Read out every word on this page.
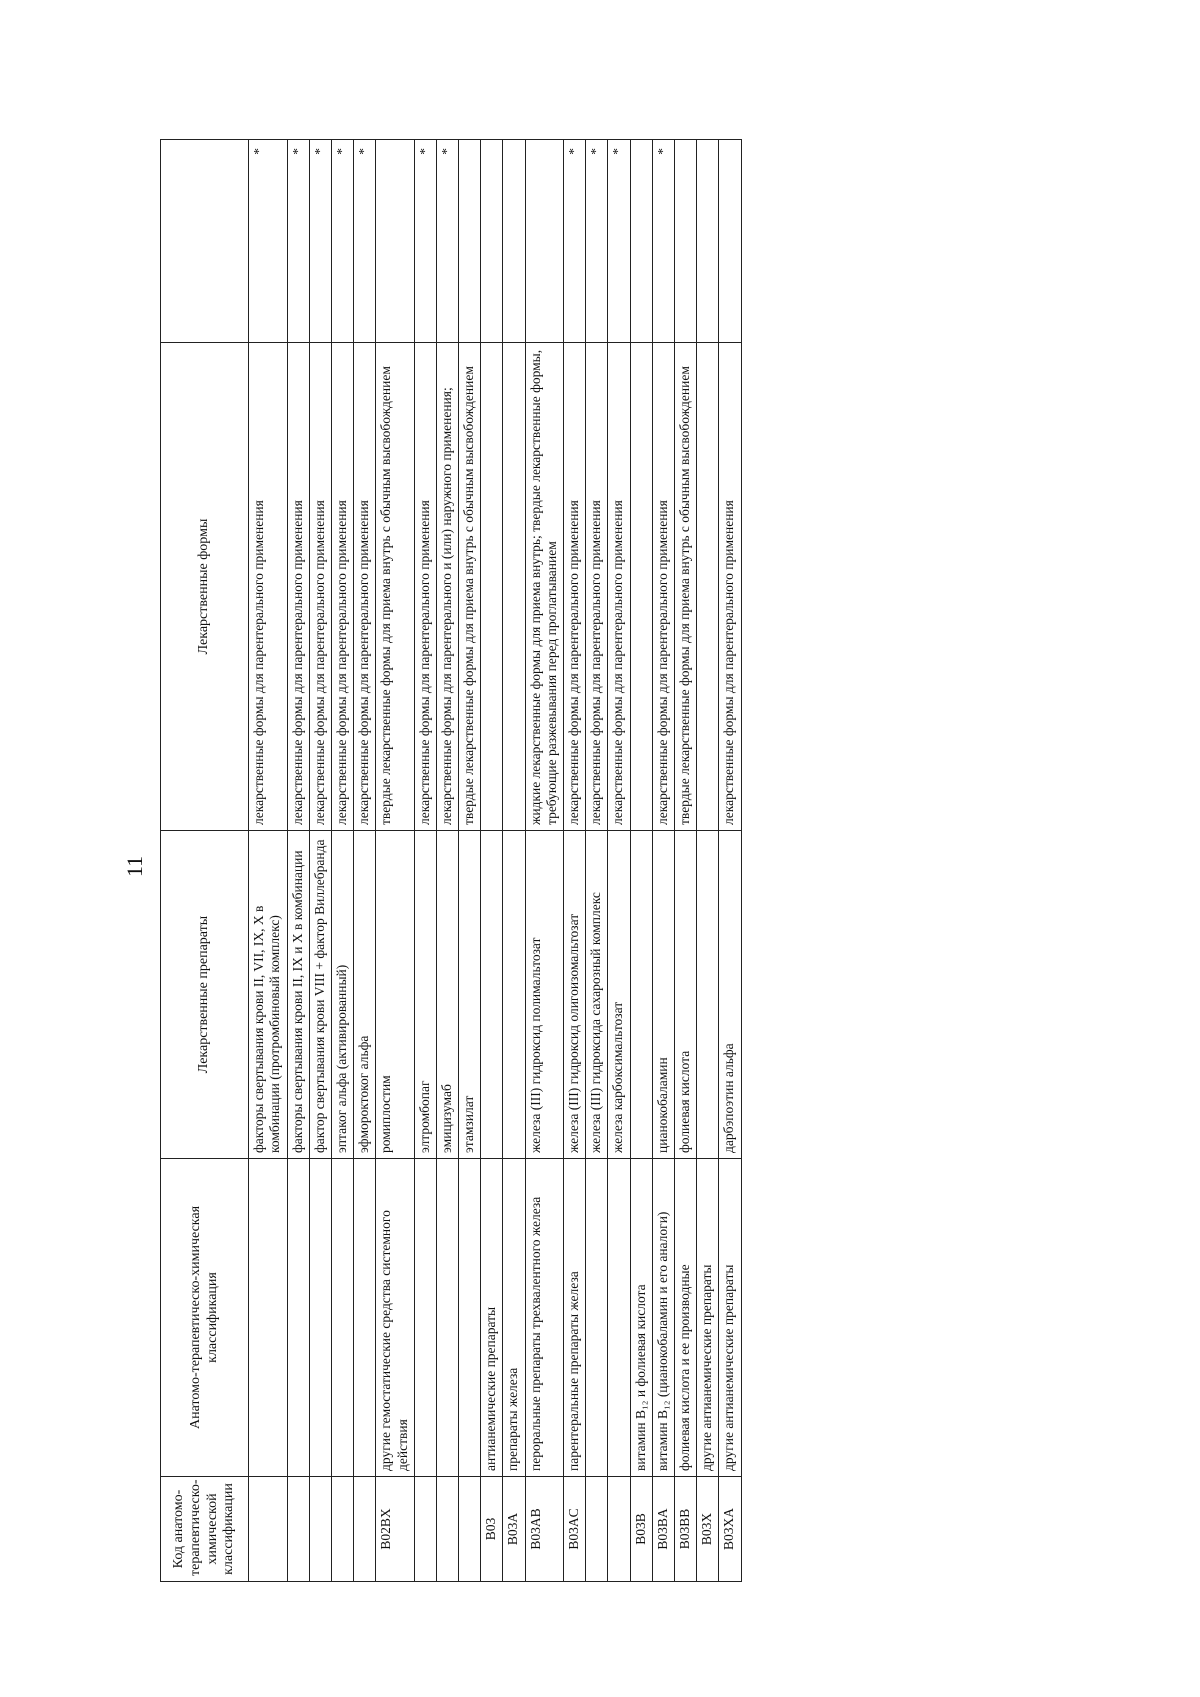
11
Код анатомо-терапевтическо-химической классификации	Анатомо-терапевтическо-химическая классификация	Лекарственные препараты	Лекарственные формы	
		факторы свертывания крови II, VII, IX, X в комбинации (протромбиновый комплекс)	лекарственные формы для парентерального применения	*
		факторы свертывания крови II, IX и X в комбинации	лекарственные формы для парентерального применения	*
		фактор свертывания крови VIII + фактор Виллебранда	лекарственные формы для парентерального применения	*
		эптаког альфа (активированный)	лекарственные формы для парентерального применения	*
		эфмороктоког альфа	лекарственные формы для парентерального применения	*
B02BX	другие гемостатические средства системного действия	ромиплостим	твердые лекарственные формы для приема внутрь с обычным высвобождением	
		элтромбопаг	лекарственные формы для парентерального применения	*
		эмицизумаб	лекарственные формы для парентерального и (или) наружного применения;	*
		этамзилат	твердые лекарственные формы для приема внутрь с обычным высвобождением	
B03	антианемические препараты			
B03A	препараты железа			
B03AB	пероральные препараты трехвалентного железа	железа (III) гидроксид полимальтозат	жидкие лекарственные формы для приема внутрь; твердые лекарственные формы, требующие разжевывания перед проглатыванием	
B03AC	парентеральные препараты железа	железа (III) гидроксид олигоизомальтозат	лекарственные формы для парентерального применения	*
		железа (III) гидроксида сахарозный комплекс	лекарственные формы для парентерального применения	*
		железа карбоксимальтозат	лекарственные формы для парентерального применения	*
B03B	витамин B₁₂ и фолиевая кислота			
B03BA	витамин B₁₂ (цианокобаламин и его аналоги)	цианокобаламин	лекарственные формы для парентерального применения	*
B03BB	фолиевая кислота и ее производные	фолиевая кислота	твердые лекарственные формы для приема внутрь с обычным высвобождением	
B03X	другие антианемические препараты			
B03XA	другие антианемические препараты	дарбэпоэтин альфа	лекарственные формы для парентерального применения	
